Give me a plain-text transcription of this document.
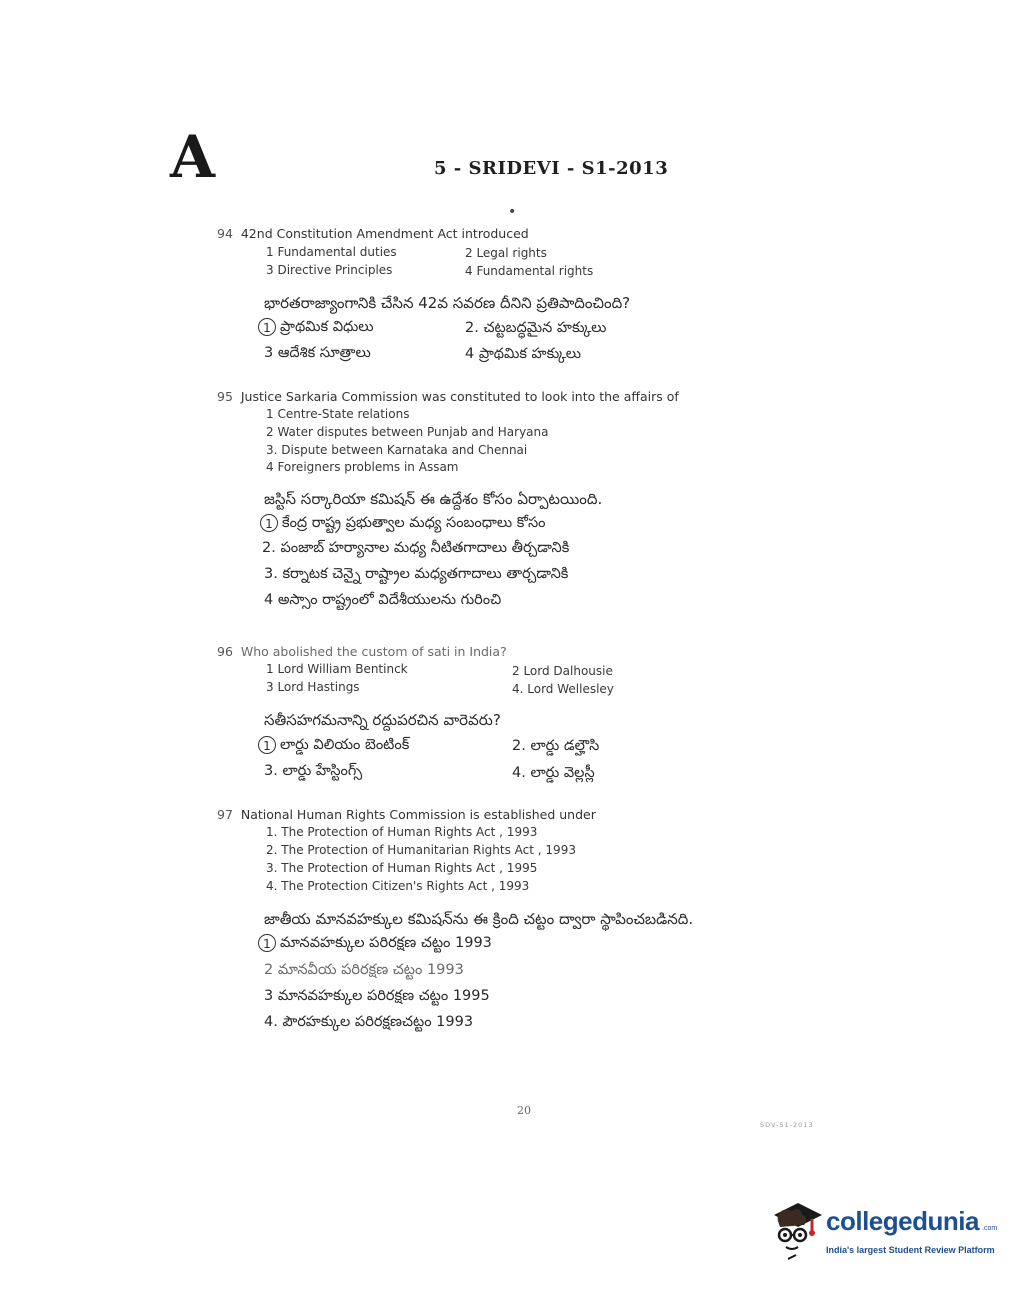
A	5 - SRIDEVI - S1-2013
•
94 42nd Constitution Amendment Act introduced
1 Fundamental duties	2 Legal rights
3 Directive Principles	4 Fundamental rights
భారతరాజ్యాంగానికి చేసిన 42వ సవరణ దీనిని ప్రతిపాదించింది?
1 ప్రాథమిక విధులు	2. చట్టబద్ధమైన హక్కులు
3 ఆదేశిక సూత్రాలు	4 ప్రాథమిక హక్కులు
95 Justice Sarkaria Commission was constituted to look into the affairs of
1 Centre-State relations
2 Water disputes between Punjab and Haryana
3. Dispute between Karnataka and Chennai
4 Foreigners problems in Assam
జస్టిస్ సర్కారియా కమిషన్ ఈ ఉద్దేశం కోసం ఏర్పాటయింది.
1 కేంద్ర రాష్ట్ర ప్రభుత్వాల మధ్య సంబంధాలు కోసం
2. పంజాబ్ హర్యానాల మధ్య నీటితగాదాలు తీర్చడానికి
3. కర్నాటక చెన్నై రాష్ట్రాల మధ్యతగాదాలు తార్చడానికి
4 అస్సాం రాష్ట్రంలో విదేశీయులను గురించి
96 Who abolished the custom of sati in India?
1 Lord William Bentinck	2 Lord Dalhousie
3 Lord Hastings	4. Lord Wellesley
సతీసహగమనాన్ని రద్దుపరచిన వారెవరు?
1 లార్డు విలియం బెంటింక్	2. లార్డు డల్హౌసి
3. లార్డు హేస్టింగ్స్	4. లార్డు వెల్లస్లీ
97 National Human Rights Commission is established under
1. The Protection of Human Rights Act , 1993
2. The Protection of Humanitarian Rights Act , 1993
3. The Protection of Human Rights Act , 1995
4. The Protection Citizen's Rights Act , 1993
జాతీయ మానవహక్కుల కమిషన్‌ను ఈ క్రింది చట్టం ద్వారా స్థాపించబడినది.
1 మానవహక్కుల పరిరక్షణ చట్టం 1993
2 మానవీయ పరిరక్షణ చట్టం 1993
3 మానవహక్కుల పరిరక్షణ చట్టం 1995
4. పౌరహక్కుల పరిరక్షణచట్టం 1993
20
SDV-S1-2013
collegedunia .com
India's largest Student Review Platform
